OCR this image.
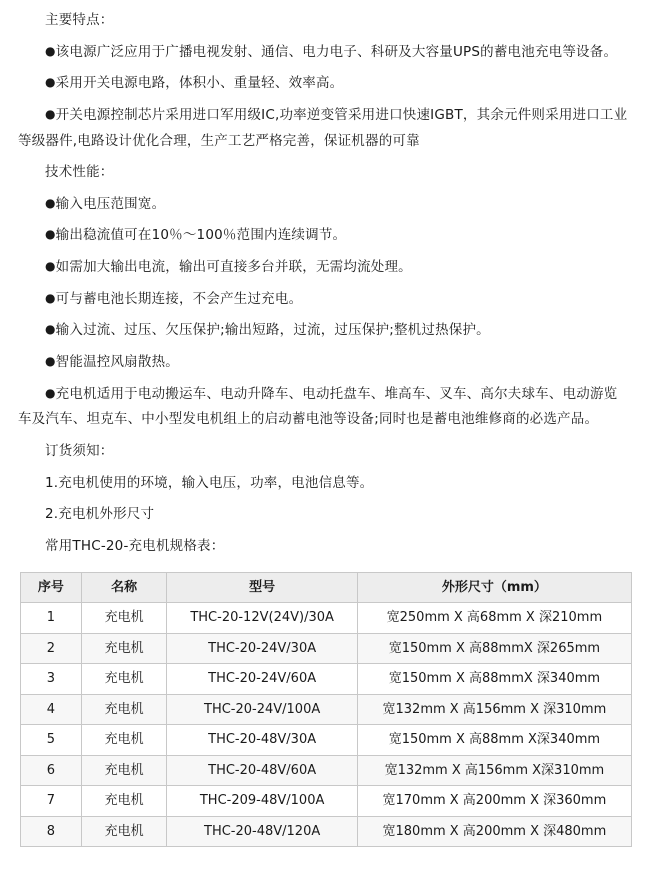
主要特点：

●该电源广泛应用于广播电视发射、通信、电力电子、科研及大容量UPS的蓄电池充电等设备。

●采用开关电源电路，体积小、重量轻、效率高。

●开关电源控制芯片采用进口军用级IC,功率逆变管采用进口快速IGBT，其余元件则采用进口工业等级器件,电路设计优化合理，生产工艺严格完善，保证机器的可靠

技术性能：

●输入电压范围宽。

●输出稳流值可在10％～100％范围内连续调节。

●如需加大输出电流，输出可直接多台并联，无需均流处理。

●可与蓄电池长期连接，不会产生过充电。

●输入过流、过压、欠压保护;输出短路，过流，过压保护;整机过热保护。

●智能温控风扇散热。

●充电机适用于电动搬运车、电动升降车、电动托盘车、堆高车、叉车、高尔夫球车、电动游览车及汽车、坦克车、中小型发电机组上的启动蓄电池等设备;同时也是蓄电池维修商的必选产品。

订货须知：

1.充电机使用的环境，输入电压，功率，电池信息等。

2.充电机外形尺寸

常用THC-20-充电机规格表：

序号	名称	型号	外形尺寸（mm）
1	充电机	THC-20-12V(24V)/30A	宽250mm X 高68mm X 深210mm
2	充电机	THC-20-24V/30A	宽150mm X 高88mmX 深265mm
3	充电机	THC-20-24V/60A	宽150mm X 高88mmX 深340mm
4	充电机	THC-20-24V/100A	宽132mm X 高156mm X 深310mm
5	充电机	THC-20-48V/30A	宽150mm X 高88mm X深340mm
6	充电机	THC-20-48V/60A	宽132mm X 高156mm X深310mm
7	充电机	THC-209-48V/100A	宽170mm X 高200mm X 深360mm
8	充电机	THC-20-48V/120A	宽180mm X 高200mm X 深480mm
